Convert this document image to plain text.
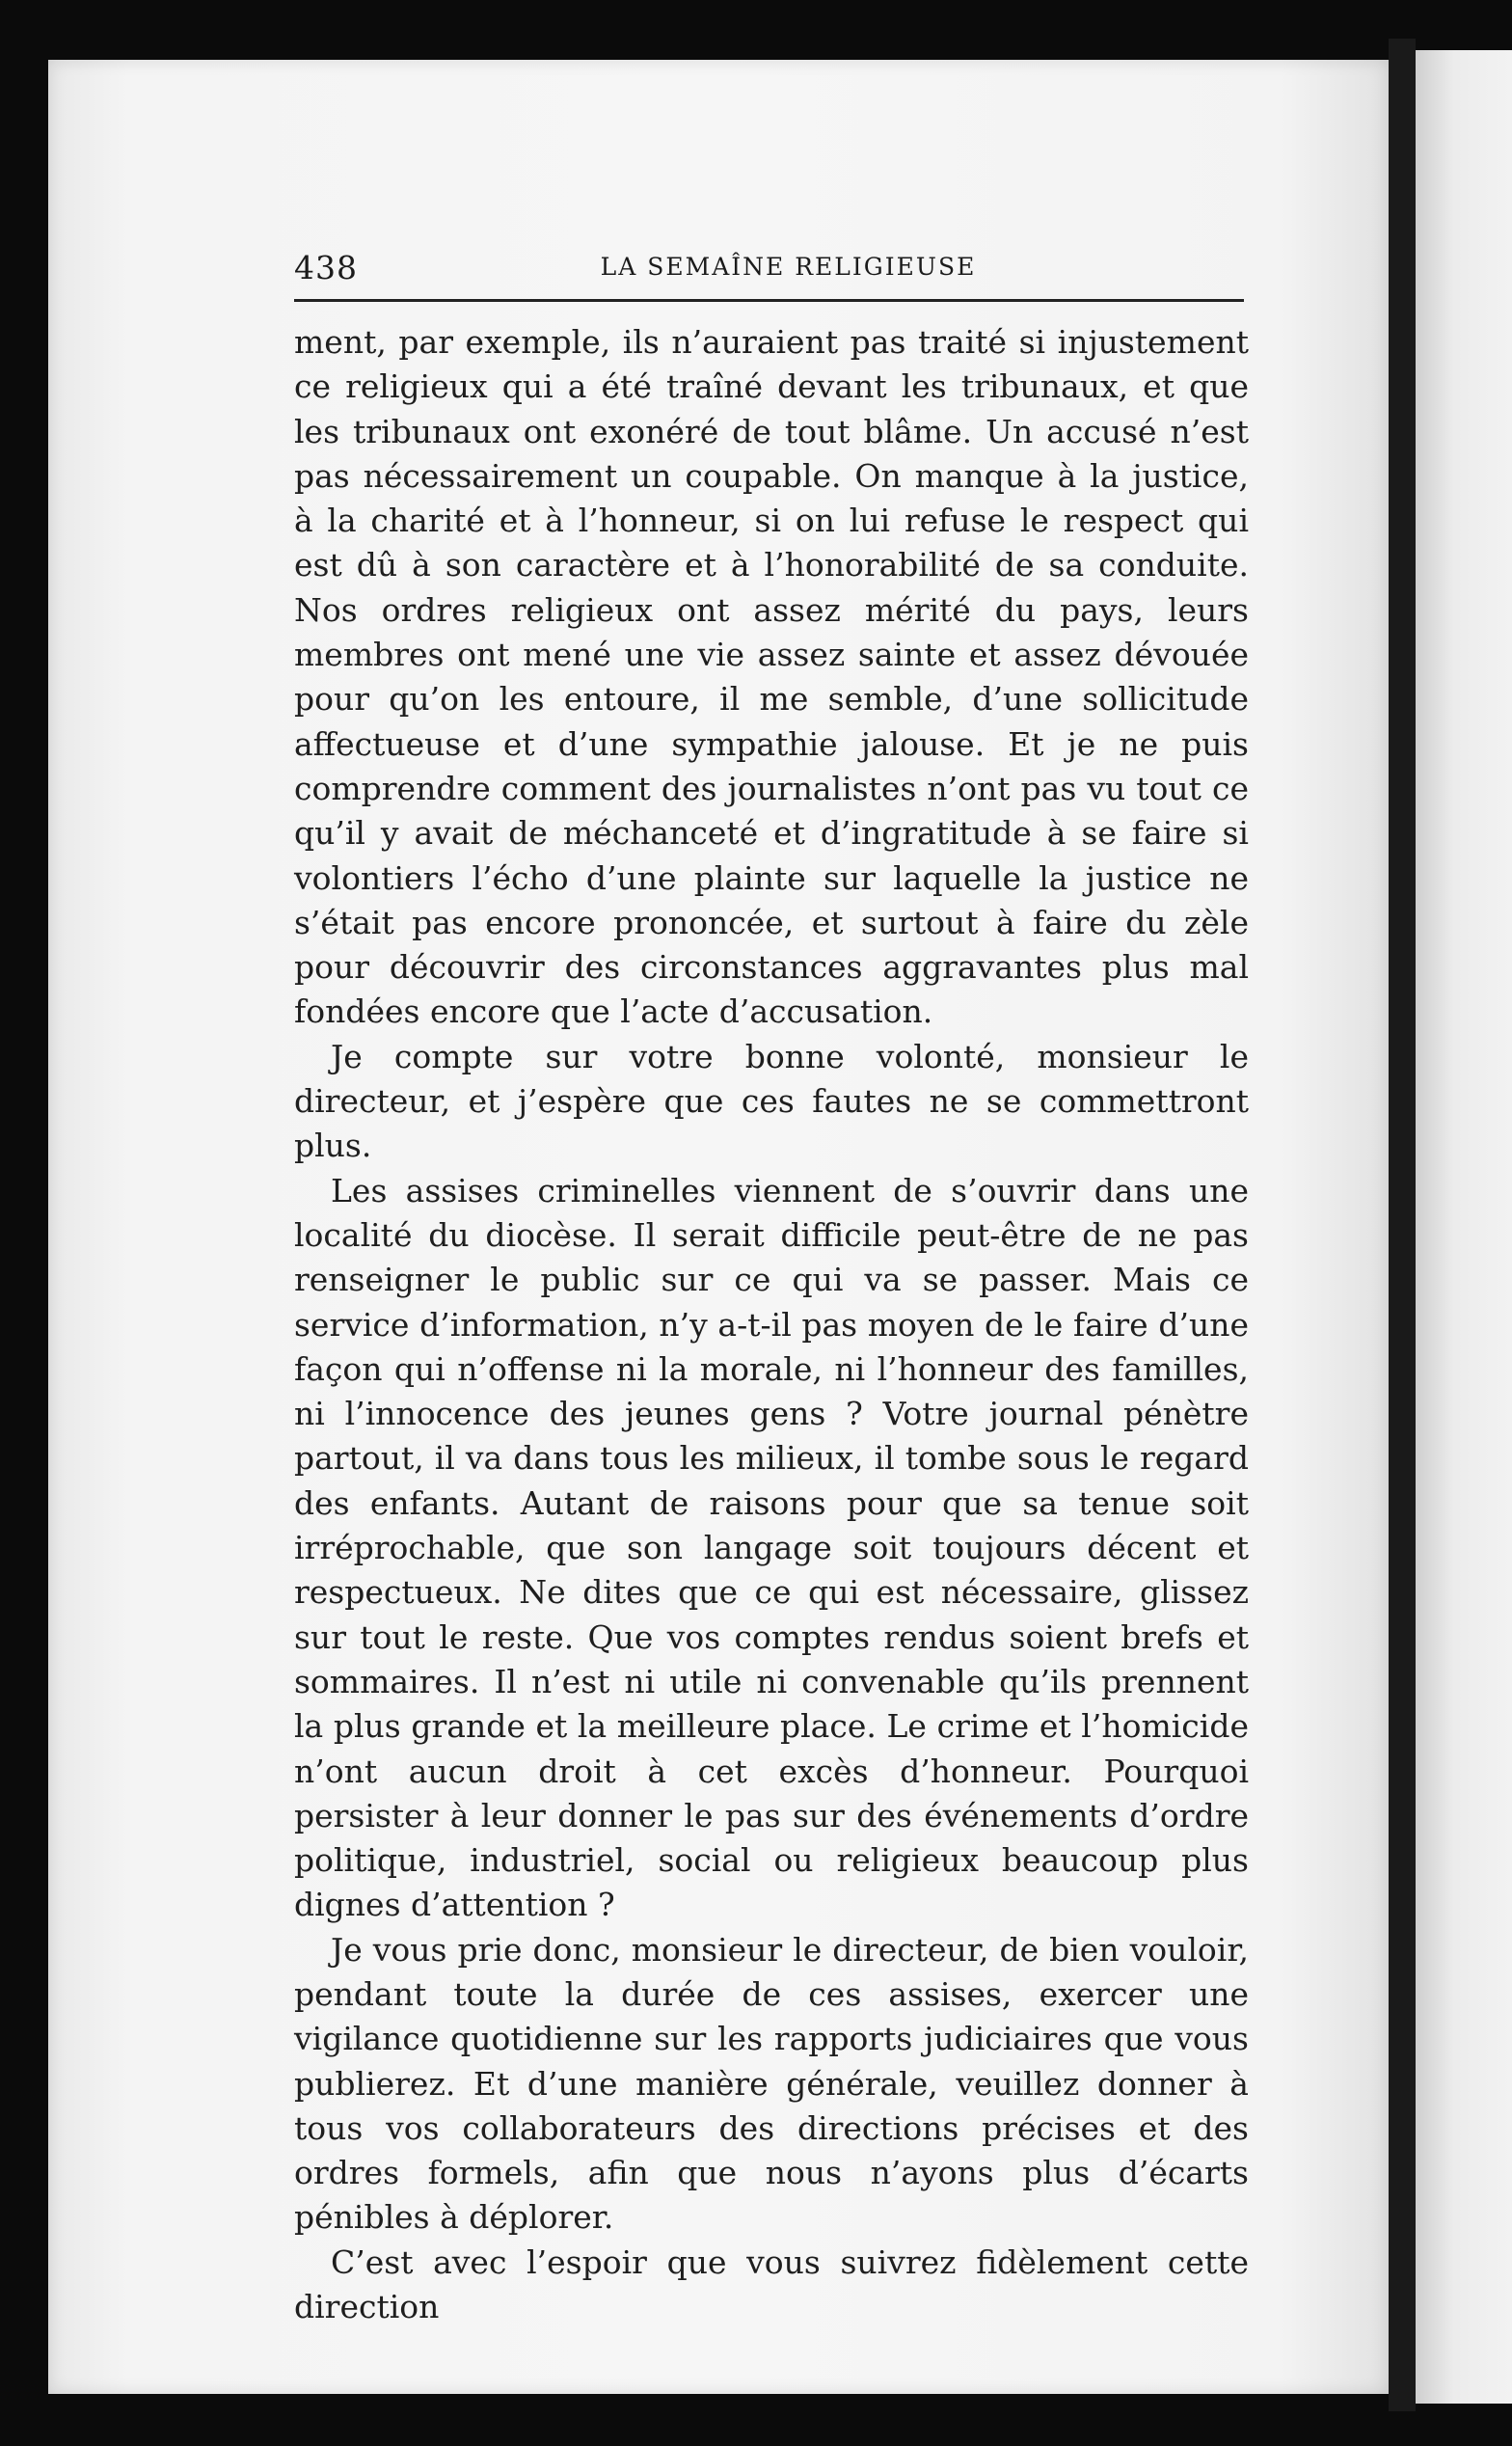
438	LA SEMAÎNE RELIGIEUSE

ment, par exemple, ils n’auraient pas traité si injustement ce religieux qui a été traîné devant les tribunaux, et que les tribunaux ont exonéré de tout blâme. Un accusé n’est pas nécessairement un coupable. On manque à la justice, à la charité et à l’honneur, si on lui refuse le respect qui est dû à son caractère et à l’honorabilité de sa conduite. Nos ordres religieux ont assez mérité du pays, leurs membres ont mené une vie assez sainte et assez dévouée pour qu’on les entoure, il me semble, d’une sollicitude affectueuse et d’une sympathie jalouse. Et je ne puis comprendre comment des journalistes n’ont pas vu tout ce qu’il y avait de méchanceté et d’ingratitude à se faire si volontiers l’écho d’une plainte sur laquelle la justice ne s’était pas encore prononcée, et surtout à faire du zèle pour découvrir des circonstances aggravantes plus mal fondées encore que l’acte d’accusation.

Je compte sur votre bonne volonté, monsieur le directeur, et j’espère que ces fautes ne se commettront plus.

Les assises criminelles viennent de s’ouvrir dans une localité du diocèse. Il serait difficile peut-être de ne pas renseigner le public sur ce qui va se passer. Mais ce service d’information, n’y a-t-il pas moyen de le faire d’une façon qui n’offense ni la morale, ni l’honneur des familles, ni l’innocence des jeunes gens ? Votre journal pénètre partout, il va dans tous les milieux, il tombe sous le regard des enfants. Autant de raisons pour que sa tenue soit irréprochable, que son langage soit toujours décent et respectueux. Ne dites que ce qui est nécessaire, glissez sur tout le reste. Que vos comptes rendus soient brefs et sommaires. Il n’est ni utile ni convenable qu’ils prennent la plus grande et la meilleure place. Le crime et l’homicide n’ont aucun droit à cet excès d’honneur. Pourquoi persister à leur donner le pas sur des événements d’ordre politique, industriel, social ou religieux beaucoup plus dignes d’attention ?

Je vous prie donc, monsieur le directeur, de bien vouloir, pendant toute la durée de ces assises, exercer une vigilance quotidienne sur les rapports judiciaires que vous publierez. Et d’une manière générale, veuillez donner à tous vos collaborateurs des directions précises et des ordres formels, afin que nous n’ayons plus d’écarts pénibles à déplorer.

C’est avec l’espoir que vous suivrez fidèlement cette direction
